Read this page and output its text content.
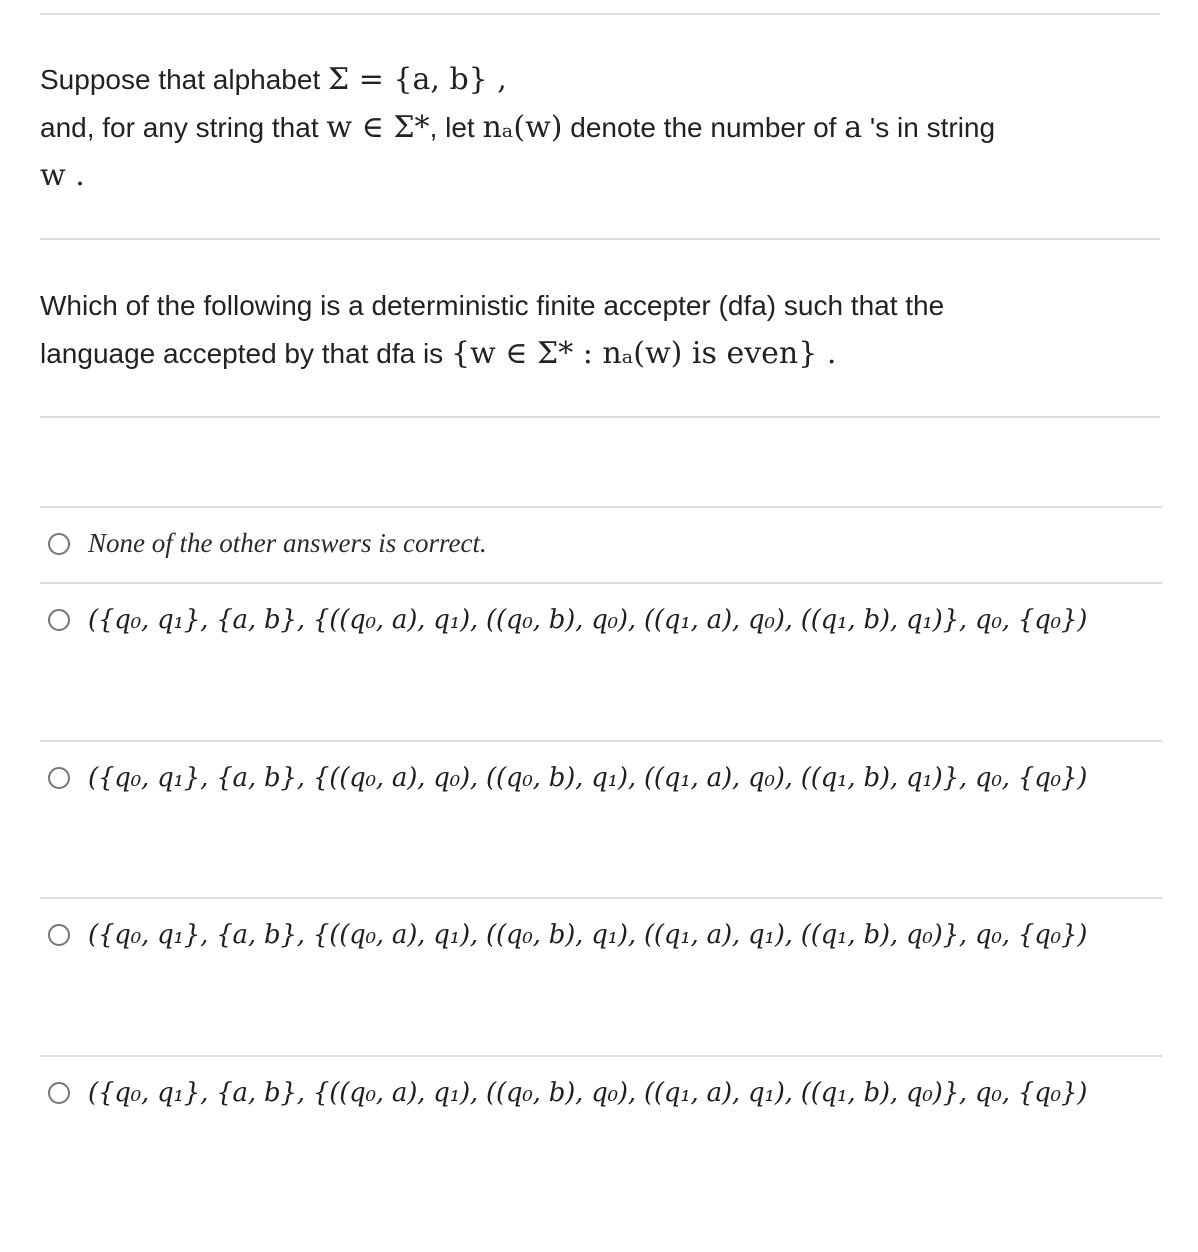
Suppose that alphabet Σ = {a, b} ,
and, for any string that w ∈ Σ*, let nₐ(w) denote the number of a 's in string
w .
Which of the following is a deterministic finite accepter (dfa) such that the
language accepted by that dfa is {w ∈ Σ* : nₐ(w) is even} .
None of the other answers is correct.
({q₀, q₁}, {a, b}, {((q₀, a), q₁), ((q₀, b), q₀), ((q₁, a), q₀), ((q₁, b), q₁)}, q₀, {q₀})
({q₀, q₁}, {a, b}, {((q₀, a), q₀), ((q₀, b), q₁), ((q₁, a), q₀), ((q₁, b), q₁)}, q₀, {q₀})
({q₀, q₁}, {a, b}, {((q₀, a), q₁), ((q₀, b), q₁), ((q₁, a), q₁), ((q₁, b), q₀)}, q₀, {q₀})
({q₀, q₁}, {a, b}, {((q₀, a), q₁), ((q₀, b), q₀), ((q₁, a), q₁), ((q₁, b), q₀)}, q₀, {q₀})
